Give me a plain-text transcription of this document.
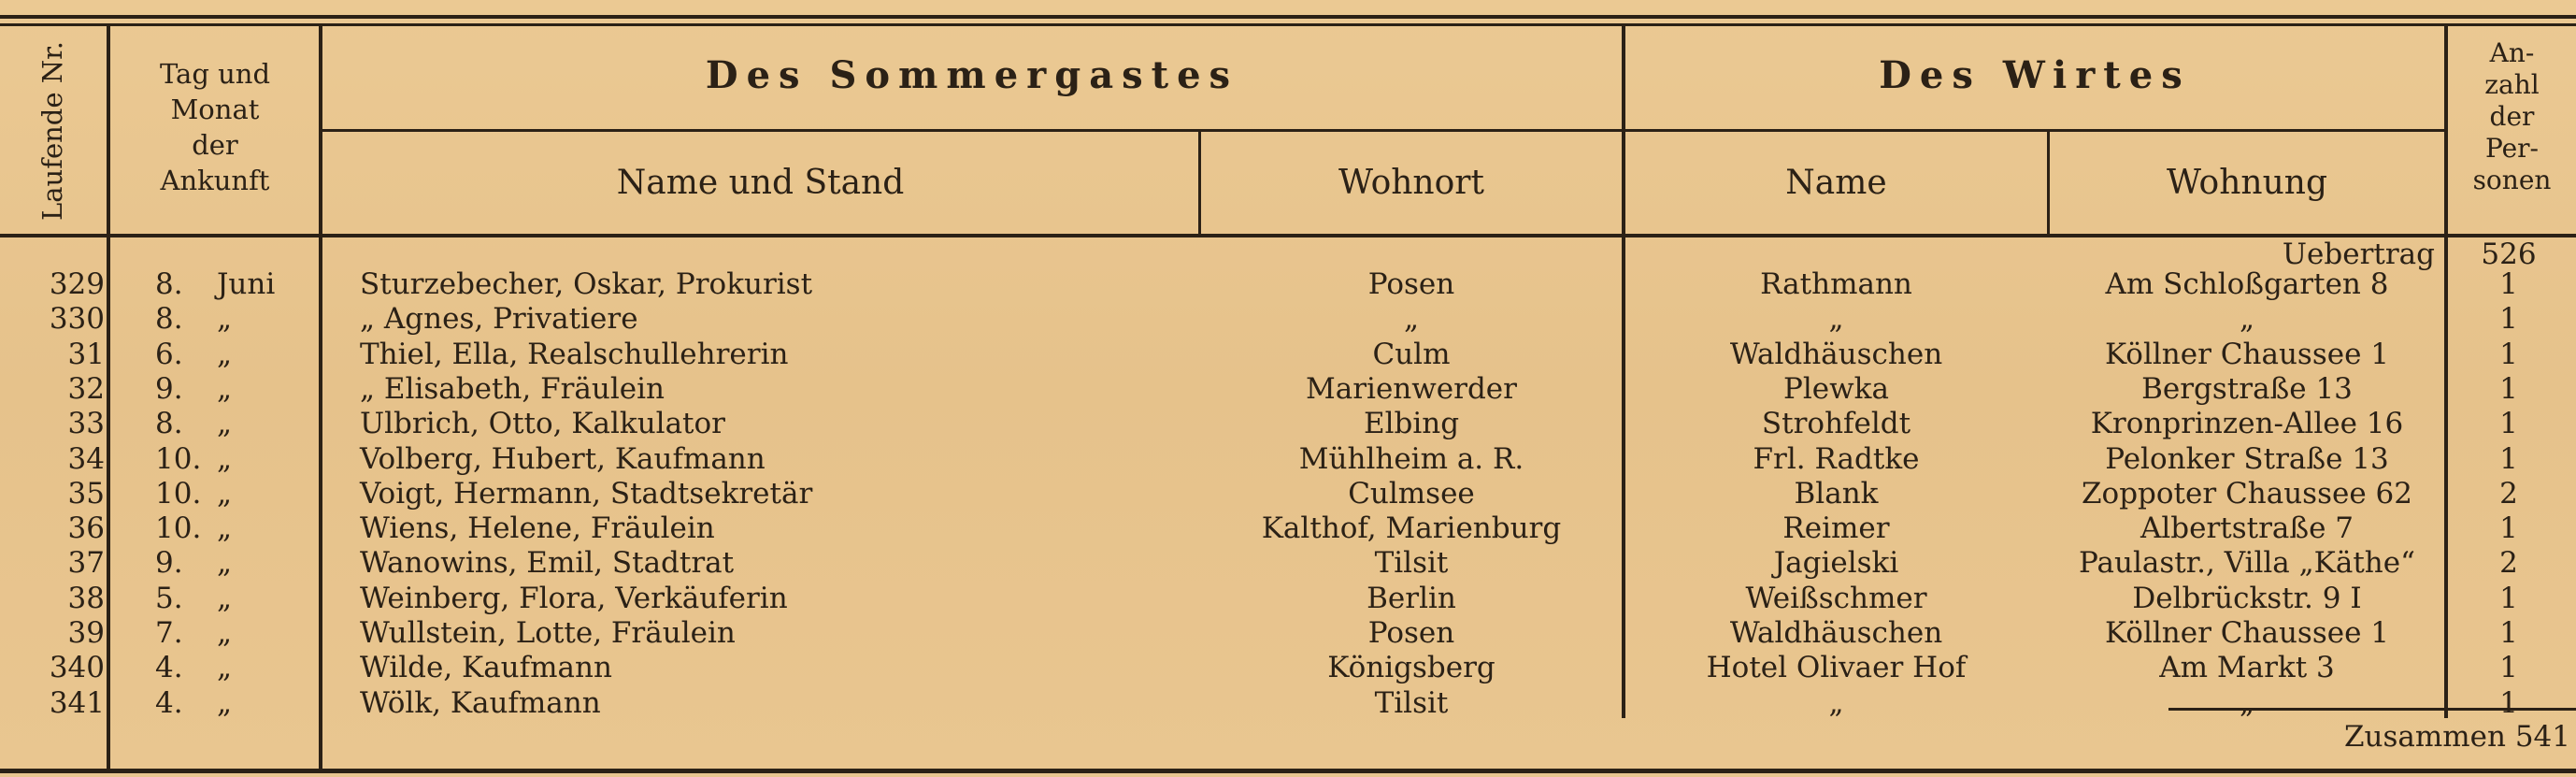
Laufende Nr.	Tag und
Monat
der
Ankunft
Des Sommergastes
Name und Stand	Wohnort
Des Wirtes
Name	Wohnung
An-
zahl
der
Per-
sonen
Uebertrag	526
329 8. Juni	Sturzebecher, Oskar, Prokurist	Posen	Rathmann	Am Schloßgarten 8	1
330 8. „	„ Agnes, Privatiere	„	„	„	1
31 6. „	Thiel, Ella, Realschullehrerin	Culm	Waldhäuschen	Köllner Chaussee 1	1
32 9. „	„ Elisabeth, Fräulein	Marienwerder	Plewka	Bergstraße 13	1
33 8. „	Ulbrich, Otto, Kalkulator	Elbing	Strohfeldt	Kronprinzen-Allee 16	1
34 10. „	Volberg, Hubert, Kaufmann	Mühlheim a. R.	Frl. Radtke	Pelonker Straße 13	1
35 10. „	Voigt, Hermann, Stadtsekretär	Culmsee	Blank	Zoppoter Chaussee 62	2
36 10. „	Wiens, Helene, Fräulein	Kalthof, Marienburg	Reimer	Albertstraße 7	1
37 9. „	Wanowins, Emil, Stadtrat	Tilsit	Jagielski	Paulastr., Villa „Käthe“	2
38 5. „	Weinberg, Flora, Verkäuferin	Berlin	Weißschmer	Delbrückstr. 9 I	1
39 7. „	Wullstein, Lotte, Fräulein	Posen	Waldhäuschen	Köllner Chaussee 1	1
340 4. „	Wilde, Kaufmann	Königsberg	Hotel Olivaer Hof	Am Markt 3	1
341 4. „	Wölk, Kaufmann	Tilsit	„	„	1
Zusammen 541
